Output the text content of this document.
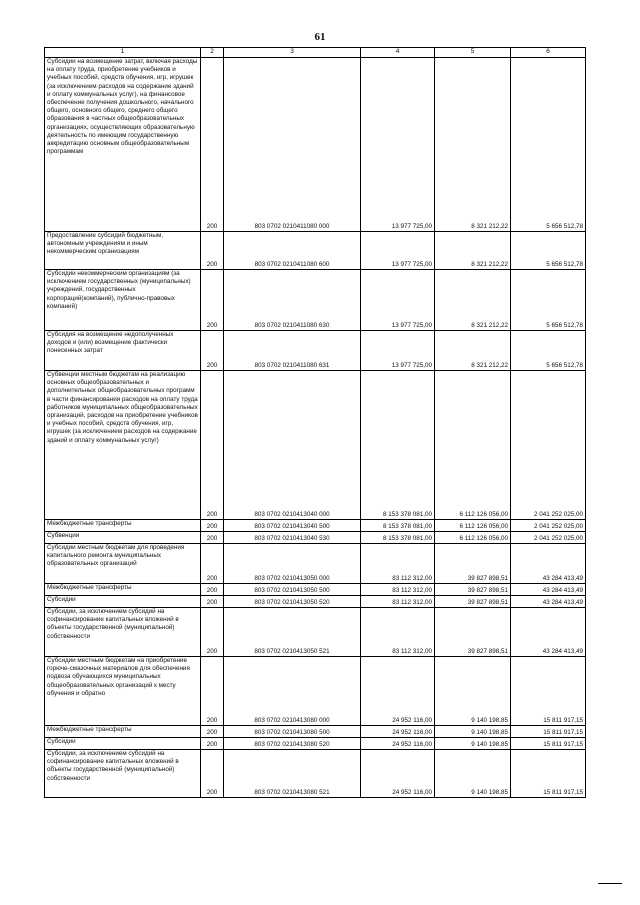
61
1	2	3	4	5	6
Субсидии на возмещение затрат, включая расходы на оплату труда, приобретение учебников и учебных пособий, средств обучения, игр, игрушек (за исключением расходов на содержание зданий и оплату коммунальных услуг), на финансовое обеспечение получения дошкольного, начального общего, основного общего, среднего общего образования в частных общеобразовательных организациях, осуществляющих образовательную деятельность по имеющим государственную аккредитацию основным общеобразовательным программам	200	803 0702 0210411080 000	13 977 725,00	8 321 212,22	5 656 512,78
Предоставление субсидий бюджетным, автономным учреждениям и иным некоммерческим организациям	200	803 0702 0210411080 600	13 977 725,00	8 321 212,22	5 656 512,78
Субсидии некоммерческим организациям (за исключением государственных (муниципальных) учреждений, государственных корпораций(компаний), публично-правовых компаний)	200	803 0702 0210411080 630	13 977 725,00	8 321 212,22	5 656 512,78
Субсидия на возмещение недополученных доходов и (или) возмещение фактически понесенных затрат	200	803 0702 0210411080 631	13 977 725,00	8 321 212,22	5 656 512,78
Субвенции местным бюджетам на реализацию основных общеобразовательных и дополнительных общеобразовательных программ в части финансирования расходов на оплату труда работников муниципальных общеобразовательных организаций, расходов на приобретение учебников и учебных пособий, средств обучения, игр, игрушек (за исключением расходов на содержание зданий и оплату коммунальных услуг)	200	803 0702 0210413040 000	8 153 378 081,00	6 112 126 056,00	2 041 252 025,00
Межбюджетные трансферты	200	803 0702 0210413040 500	8 153 378 081,00	6 112 126 056,00	2 041 252 025,00
Субвенции	200	803 0702 0210413040 530	8 153 378 081,00	6 112 126 056,00	2 041 252 025,00
Субсидии местным бюджетам для проведения капитального ремонта муниципальных образовательных организаций	200	803 0702 0210413050 000	83 112 312,00	39 827 898,51	43 284 413,49
Межбюджетные трансферты	200	803 0702 0210413050 500	83 112 312,00	39 827 898,51	43 284 413,49
Субсидии	200	803 0702 0210413050 520	83 112 312,00	39 827 898,51	43 284 413,49
Субсидии, за исключением субсидий на софинансирование капитальных вложений в объекты государственной (муниципальной) собственности	200	803 0702 0210413050 521	83 112 312,00	39 827 898,51	43 284 413,49
Субсидии местным бюджетам на приобретение горюче-смазочных материалов для обеспечения подвоза обучающихся муниципальных общеобразовательных организаций к месту обучения и обратно	200	803 0702 0210413080 000	24 952 116,00	9 140 198,85	15 811 917,15
Межбюджетные трансферты	200	803 0702 0210413080 500	24 952 116,00	9 140 198,85	15 811 917,15
Субсидии	200	803 0702 0210413080 520	24 952 116,00	9 140 198,85	15 811 917,15
Субсидии, за исключением субсидий на софинансирование капитальных вложений в объекты государственной (муниципальной) собственности	200	803 0702 0210413080 521	24 952 116,00	9 140 198,85	15 811 917,15
